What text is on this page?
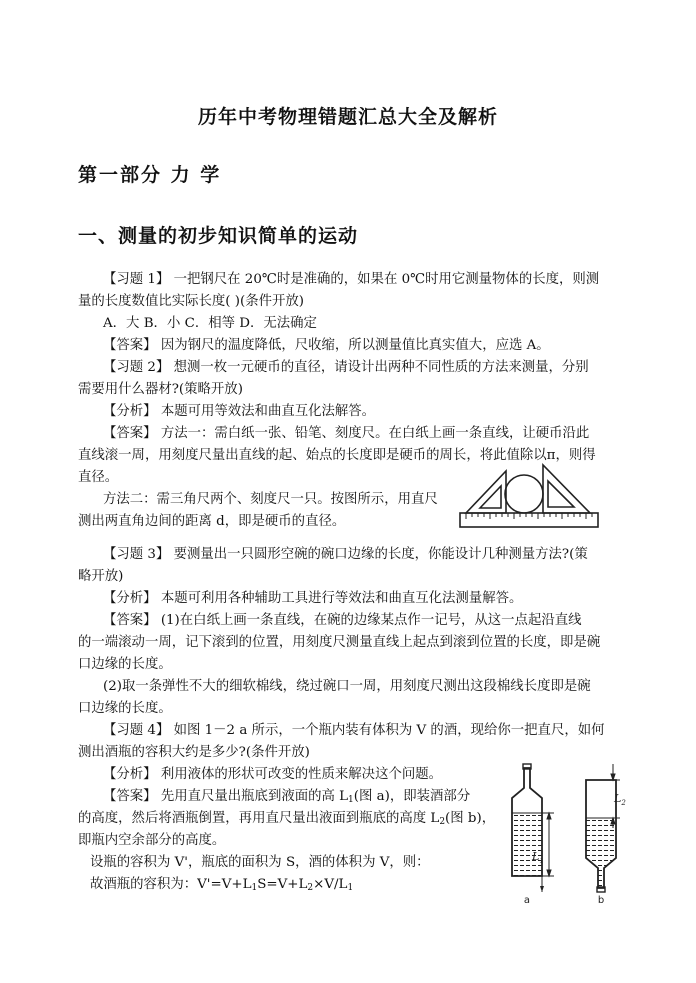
历年中考物理错题汇总大全及解析
第一部分 力 学
一、测量的初步知识简单的运动
【习题 1】 一把钢尺在 20℃时是准确的，如果在 0℃时用它测量物体的长度，则测
量的长度数值比实际长度( )(条件开放)
A．大 B．小 C．相等 D．无法确定
【答案】 因为钢尺的温度降低，尺收缩，所以测量值比真实值大，应选 A。
【习题 2】 想测一枚一元硬币的直径，请设计出两种不同性质的方法来测量，分别
需要用什么器材?(策略开放)
【分析】 本题可用等效法和曲直互化法解答。
【答案】 方法一：需白纸一张、铅笔、刻度尺。在白纸上画一条直线，让硬币沿此
直线滚一周，用刻度尺量出直线的起、始点的长度即是硬币的周长，将此值除以π，则得
直径。
方法二：需三角尺两个、刻度尺一只。按图所示，用直尺
测出两直角边间的距离 d，即是硬币的直径。
【习题 3】 要测量出一只圆形空碗的碗口边缘的长度，你能设计几种测量方法?(策
略开放)
【分析】 本题可利用各种辅助工具进行等效法和曲直互化法测量解答。
【答案】 (1)在白纸上画一条直线，在碗的边缘某点作一记号，从这一点起沿直线
的一端滚动一周，记下滚到的位置，用刻度尺测量直线上起点到滚到位置的长度，即是碗
口边缘的长度。
(2)取一条弹性不大的细软棉线，绕过碗口一周，用刻度尺测出这段棉线长度即是碗
口边缘的长度。
【习题 4】 如图 1－2 a 所示，一个瓶内装有体积为 V 的酒，现给你一把直尺，如何
测出酒瓶的容积大约是多少?(条件开放)
【分析】 利用液体的形状可改变的性质来解决这个问题。
【答案】 先用直尺量出瓶底到液面的高 $L_1$(图 a)，即装酒部分
的高度，然后将酒瓶倒置，再用直尺量出液面到瓶底的高度 $L_2$(图 b)，
即瓶内空余部分的高度。
设瓶的容积为 V'，瓶底的面积为 S，酒的体积为 V，则：
故酒瓶的容积为：$V'=V+L_1S=V+L_2\times V/L_1$
$L_1$
$L_2$
a	b
